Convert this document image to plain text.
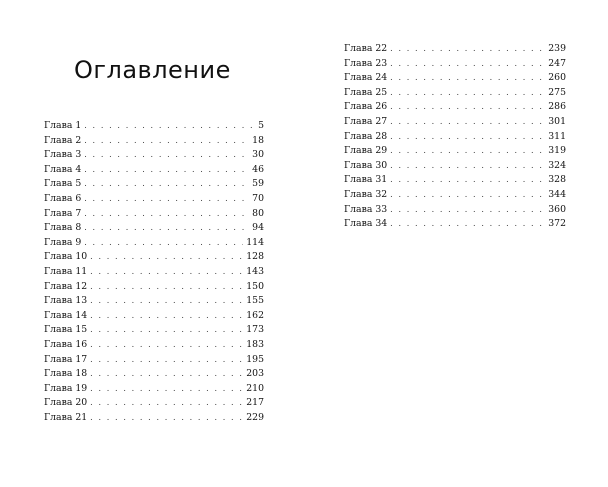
Оглавление
Глава 1 . . .	5
Глава 2 . . .	18
Глава 3 . . .	30
Глава 4 . . .	46
Глава 5 . . .	59
Глава 6 . . .	70
Глава 7 . . .	80
Глава 8 . . .	94
Глава 9 . . .	114
Глава 10 . . .	128
Глава 11 . . .	143
Глава 12 . . .	150
Глава 13 . . .	155
Глава 14 . . .	162
Глава 15 . . .	173
Глава 16 . . .	183
Глава 17 . . .	195
Глава 18 . . .	203
Глава 19 . . .	210
Глава 20 . . .	217
Глава 21 . . .	229
Глава 22 . . .	239
Глава 23 . . .	247
Глава 24 . . .	260
Глава 25 . . .	275
Глава 26 . . .	286
Глава 27 . . .	301
Глава 28 . . .	311
Глава 29 . . .	319
Глава 30 . . .	324
Глава 31 . . .	328
Глава 32 . . .	344
Глава 33 . . .	360
Глава 34 . . .	372
